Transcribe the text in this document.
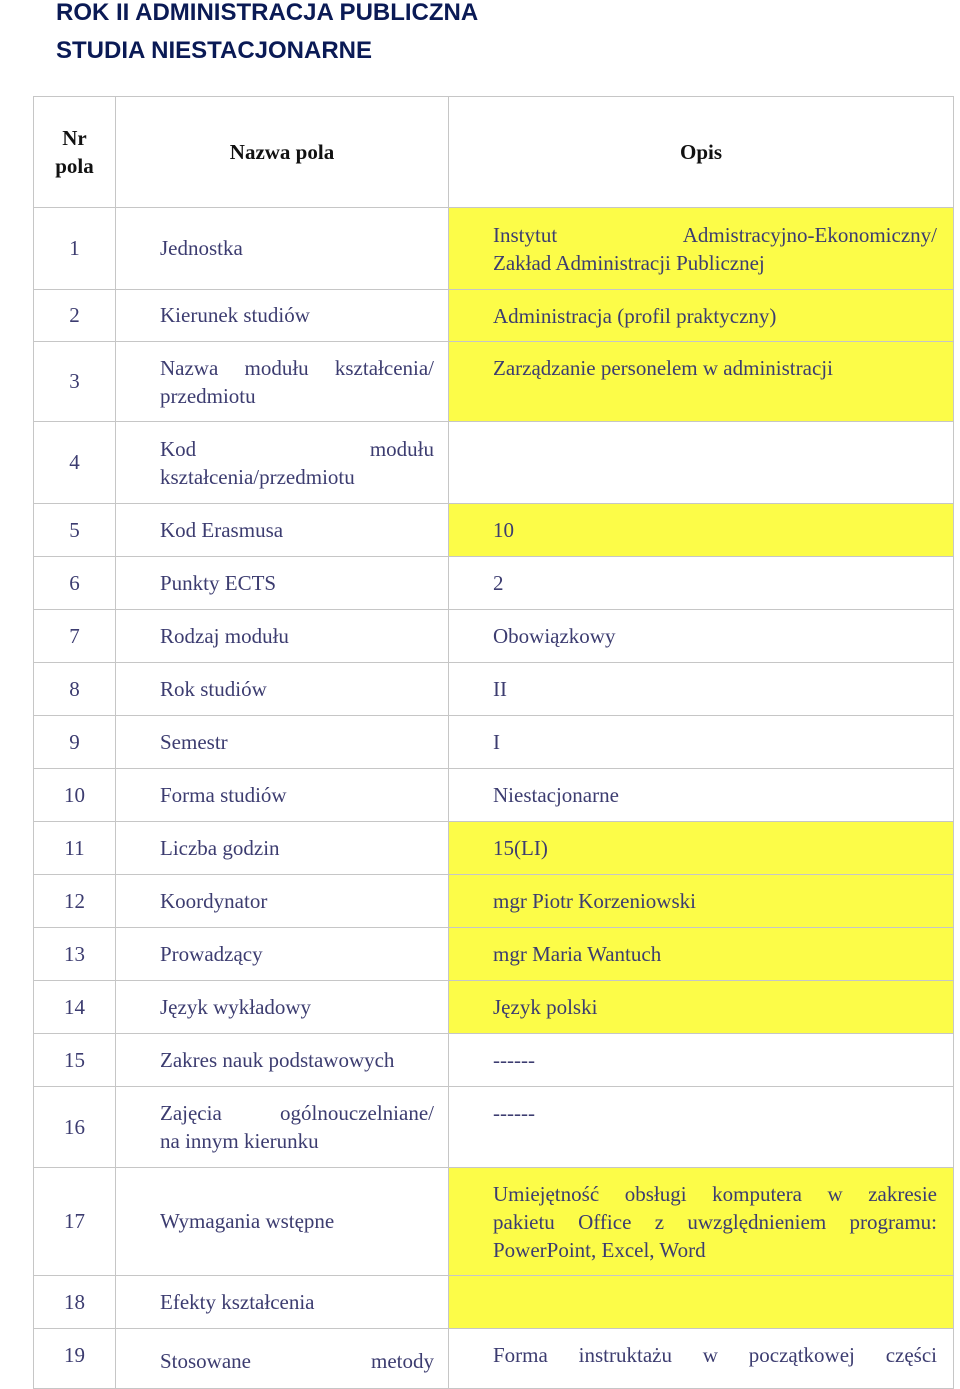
ROK II ADMINISTRACJA PUBLICZNA
STUDIA NIESTACJONARNE
Nr
pola	Nazwa pola	Opis
1	Jednostka	Instytut Admistracyjno-Ekonomiczny/
Zakład Administracji Publicznej

2	Kierunek studiów	Administracja (profil praktyczny)
3	Nazwa modułu kształcenia/
przedmiotu	Zarządzanie personelem w administracji
4	Kod modułu
kształcenia/przedmiotu	

5	Kod Erasmusa	10
6	Punkty ECTS	2
7	Rodzaj modułu	Obowiązkowy
8	Rok studiów	II
9	Semestr	I
10	Forma studiów	Niestacjonarne
11	Liczba godzin	15(LI)
12	Koordynator	mgr Piotr Korzeniowski
13	Prowadzący	mgr Maria Wantuch
14	Język wykładowy	Język polski
15	Zakres nauk podstawowych	------
16	Zajęcia ogólnouczelniane/
na innym kierunku	------
17	Wymagania wstępne	Umiejętność obsługi komputera w zakresie
pakietu Office z uwzględnieniem programu:
PowerPoint, Excel, Word

18	Efekty kształcenia	
19	Stosowane metody	Forma instruktażu w początkowej części
